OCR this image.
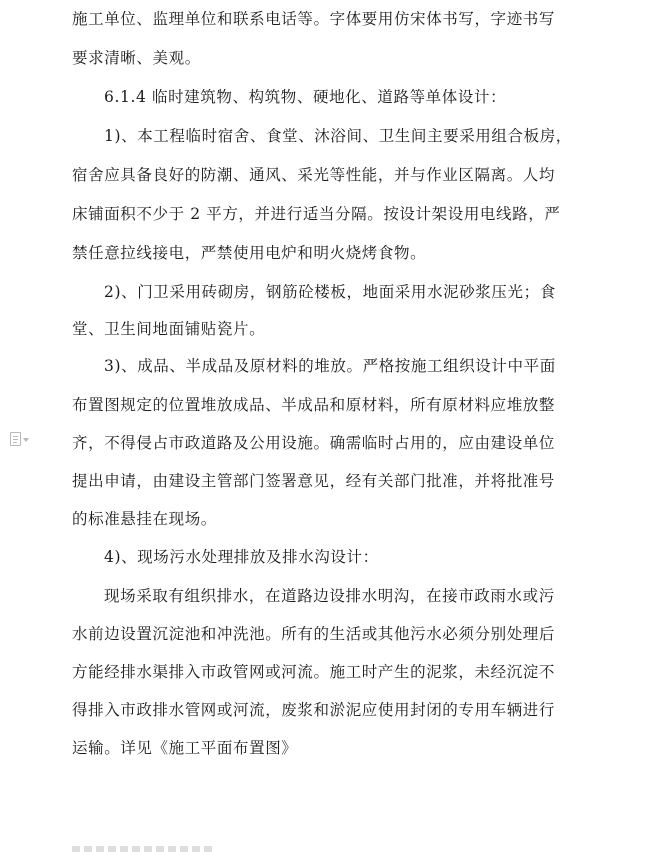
施工单位、监理单位和联系电话等。字体要用仿宋体书写，字迹书写
要求清晰、美观。
6.1.4 临时建筑物、构筑物、硬地化、道路等单体设计：
1)、本工程临时宿舍、食堂、沐浴间、卫生间主要采用组合板房，
宿舍应具备良好的防潮、通风、采光等性能，并与作业区隔离。人均
床铺面积不少于 2 平方，并进行适当分隔。按设计架设用电线路，严
禁任意拉线接电，严禁使用电炉和明火烧烤食物。
2)、门卫采用砖砌房，钢筋砼楼板，地面采用水泥砂浆压光；食
堂、卫生间地面铺贴瓷片。
3)、成品、半成品及原材料的堆放。严格按施工组织设计中平面
布置图规定的位置堆放成品、半成品和原材料，所有原材料应堆放整
齐，不得侵占市政道路及公用设施。确需临时占用的，应由建设单位
提出申请，由建设主管部门签署意见，经有关部门批准，并将批准号
的标准悬挂在现场。
4)、现场污水处理排放及排水沟设计：
现场采取有组织排水，在道路边设排水明沟，在接市政雨水或污
水前边设置沉淀池和冲洗池。所有的生活或其他污水必须分别处理后
方能经排水渠排入市政管网或河流。施工时产生的泥浆，未经沉淀不
得排入市政排水管网或河流，废浆和淤泥应使用封闭的专用车辆进行
运输。详见《施工平面布置图》
